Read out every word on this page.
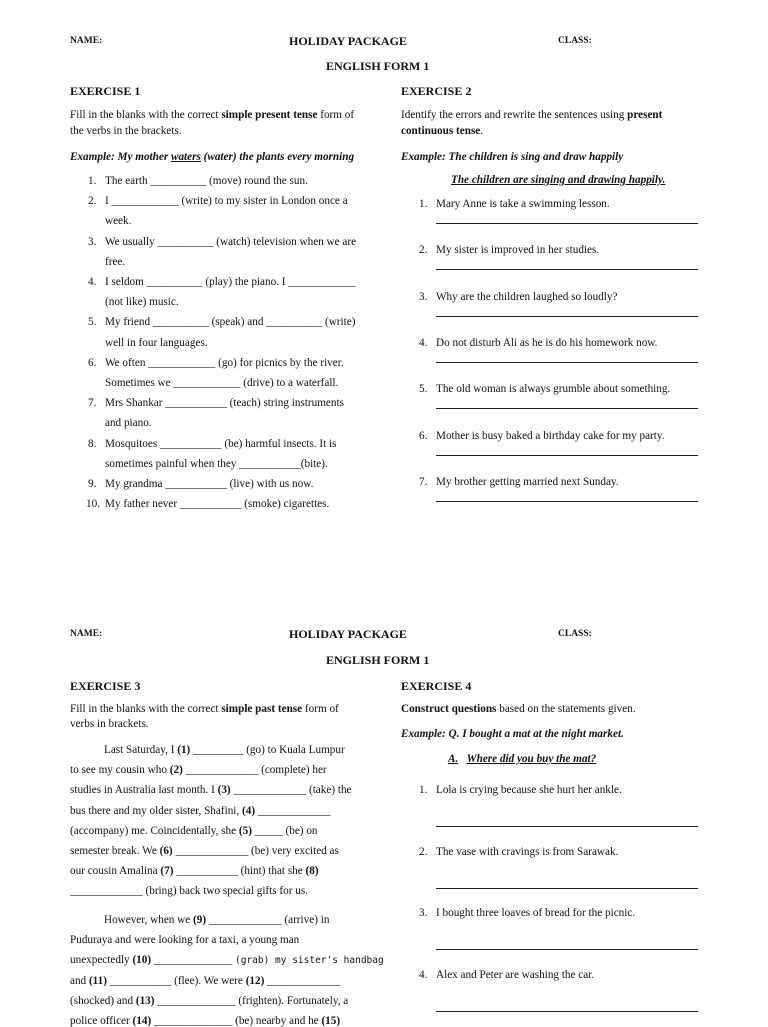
NAME:	HOLIDAY PACKAGE	CLASS:
ENGLISH FORM 1
EXERCISE 1
Fill in the blanks with the correct simple present tense form of
the verbs in the brackets.
Example: My mother waters (water) the plants every morning
1. The earth __________ (move) round the sun.
2. I ____________ (write) to my sister in London once a
week.
3. We usually __________ (watch) television when we are
free.
4. I seldom __________ (play) the piano. I ____________
(not like) music.
5. My friend __________ (speak) and __________ (write)
well in four languages.
6. We often ____________ (go) for picnics by the river.
Sometimes we ____________ (drive) to a waterfall.
7. Mrs Shankar ___________ (teach) string instruments
and piano.
8. Mosquitoes ___________ (be) harmful insects. It is
sometimes painful when they ___________(bite).
9. My grandma ___________ (live) with us now.
10. My father never ___________ (smoke) cigarettes.
EXERCISE 2
Identify the errors and rewrite the sentences using present
continuous tense.
Example: The children is sing and draw happily
The children are singing and drawing happily.
1. Mary Anne is take a swimming lesson.
2. My sister is improved in her studies.
3. Why are the children laughed so loudly?
4. Do not disturb Ali as he is do his homework now.
5. The old woman is always grumble about something.
6. Mother is busy baked a birthday cake for my party.
7. My brother getting married next Sunday.
NAME:	HOLIDAY PACKAGE	CLASS:
ENGLISH FORM 1
EXERCISE 3
Fill in the blanks with the correct simple past tense form of
verbs in brackets.
Last Saturday, I (1) _________ (go) to Kuala Lumpur
to see my cousin who (2) _____________ (complete) her
studies in Australia last month. I (3) _____________ (take) the
bus there and my older sister, Shafini, (4) _____________
(accompany) me. Coincidentally, she (5) _____ (be) on
semester break. We (6) _____________ (be) very excited as
our cousin Amalina (7) ___________ (hint) that she (8)
_____________ (bring) back two special gifts for us.
However, when we (9) _____________ (arrive) in
Puduraya and were looking for a taxi, a young man
unexpectedly (10) ______________ (grab) my sister's handbag
and (11) ___________ (flee). We were (12) _____________
(shocked) and (13) ______________ (frighten). Fortunately, a
police officer (14) ______________ (be) nearby and he (15)
EXERCISE 4
Construct questions based on the statements given.
Example: Q. I bought a mat at the night market.
A. Where did you buy the mat?
1. Lola is crying because she hurt her ankle.
2. The vase with cravings is from Sarawak.
3. I bought three loaves of bread for the picnic.
4. Alex and Peter are washing the car.
